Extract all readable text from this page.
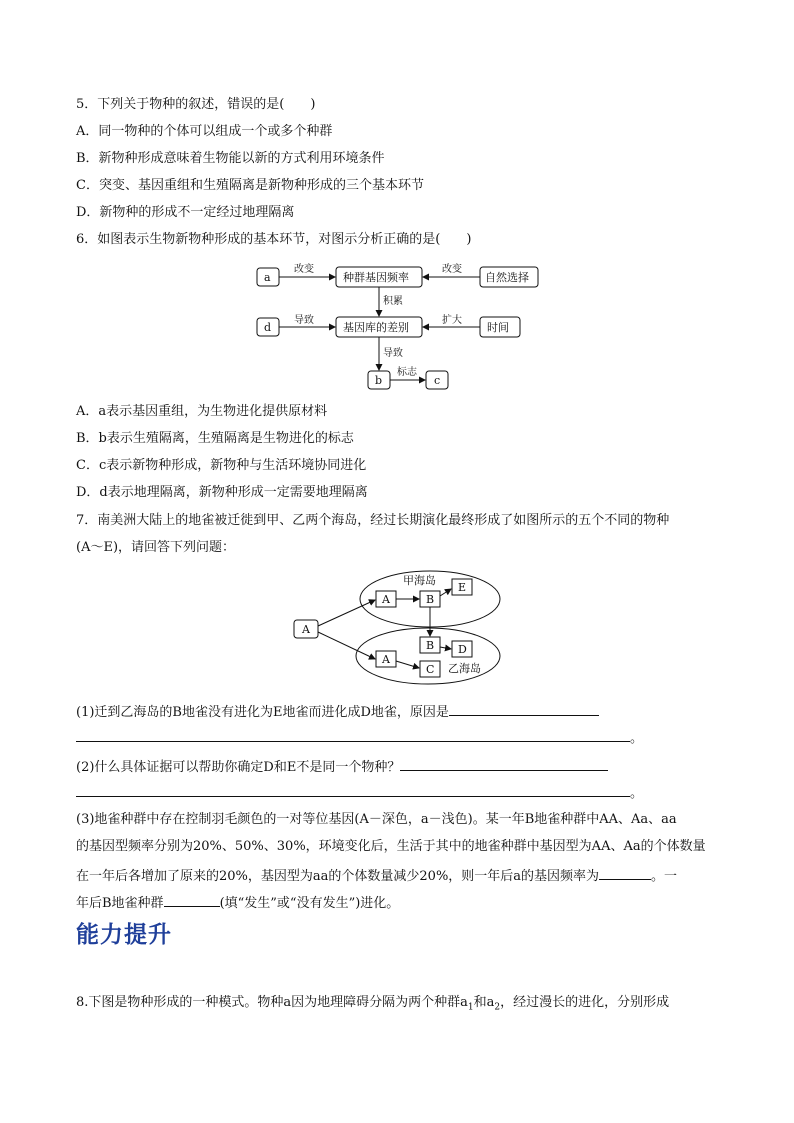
5．下列关于物种的叙述，错误的是(　　)
A．同一物种的个体可以组成一个或多个种群
B．新物种形成意味着生物能以新的方式利用环境条件
C．突变、基因重组和生殖隔离是新物种形成的三个基本环节
D．新物种的形成不一定经过地理隔离
6．如图表示生物新物种形成的基本环节，对图示分析正确的是(　　)
a	种群基因频率	自然选择
d	基因库的差别	时间
b	c
改变	改变
积累
导致	扩大
导致
标志
A．a表示基因重组，为生物进化提供原材料
B．b表示生殖隔离，生殖隔离是生物进化的标志
C．c表示新物种形成，新物种与生活环境协同进化
D．d表示地理隔离，新物种形成一定需要地理隔离
7．南美洲大陆上的地雀被迁徙到甲、乙两个海岛，经过长期演化最终形成了如图所示的五个不同的物种
(A～E)，请回答下列问题：
甲海岛
乙海岛
A
A	B
E
B D
A
C
(1)迁到乙海岛的B地雀没有进化为E地雀而进化成D地雀，原因是
。
(2)什么具体证据可以帮助你确定D和E不是同一个物种？
。
(3)地雀种群中存在控制羽毛颜色的一对等位基因(A－深色，a－浅色)。某一年B地雀种群中AA、Aa、aa
的基因型频率分别为20%、50%、30%，环境变化后，生活于其中的地雀种群中基因型为AA、Aa的个体数量
在一年后各增加了原来的20%，基因型为aa的个体数量减少20%，则一年后a的基因频率为	。一
年后B地雀种群	(填“发生”或“没有发生”)进化。
能力提升
8.下图是物种形成的一种模式。物种a因为地理障碍分隔为两个种群$a_1$和$a_2$，经过漫长的进化，分别形成
